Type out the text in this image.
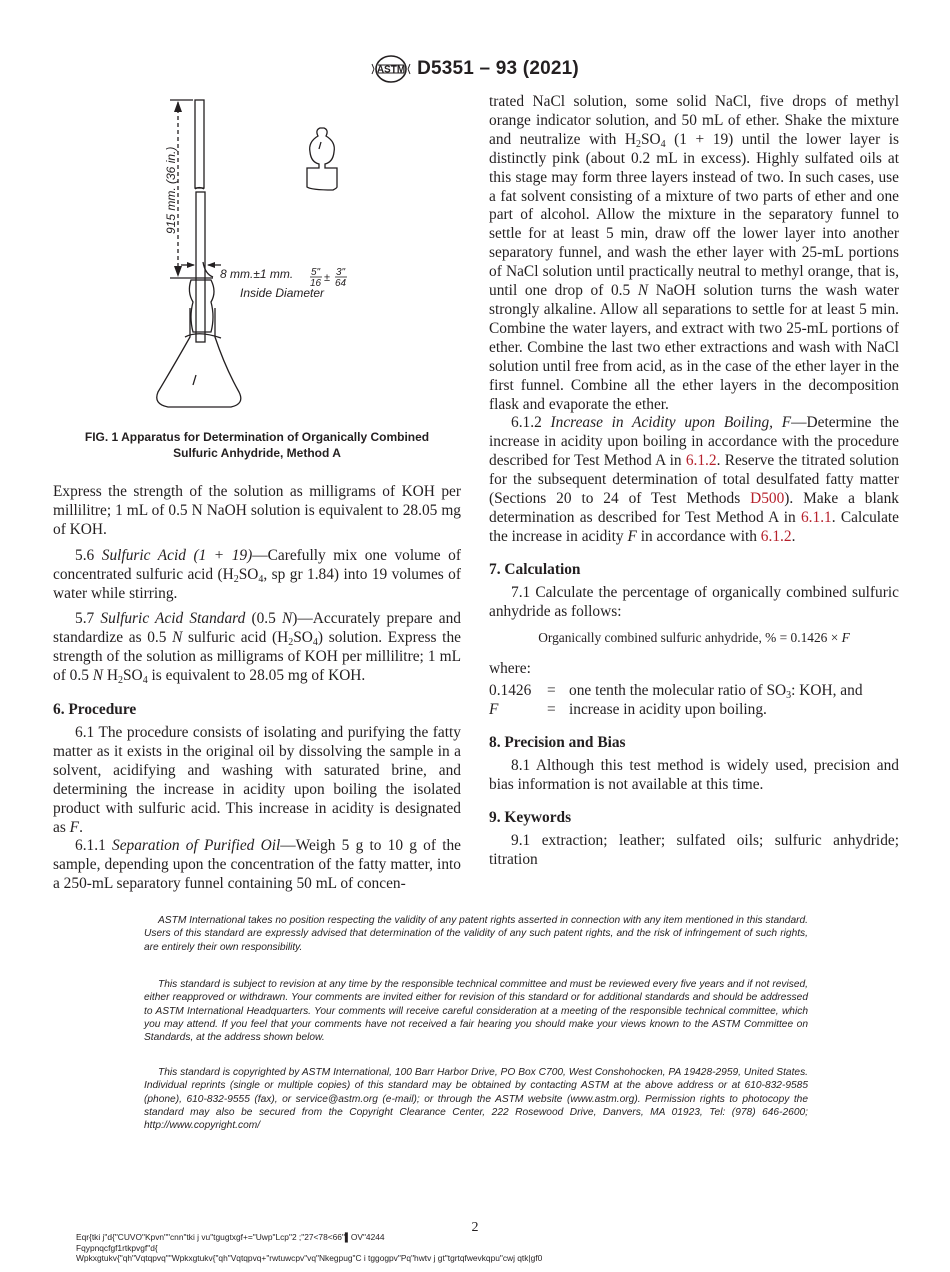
ASTM D5351 – 93 (2021)
915 mm. (36 in.)
8 mm.±1 mm. 5"
16 ± 3"
64
Inside Diameter
FIG. 1 Apparatus for Determination of Organically Combined
Sulfuric Anhydride, Method A

Express the strength of the solution as milligrams of KOH per millilitre; 1 mL of 0.5 N NaOH solution is equivalent to 28.05 mg of KOH.

5.6 Sulfuric Acid (1 + 19)—Carefully mix one volume of concentrated sulfuric acid ($H_2SO_4$, sp gr 1.84) into 19 volumes of water while stirring.

5.7 Sulfuric Acid Standard (0.5 N)—Accurately prepare and standardize as 0.5 N sulfuric acid $(H_2SO_4)$ solution. Express the strength of the solution as milligrams of KOH per millilitre; 1 mL of 0.5 N $H_2SO_4$ is equivalent to 28.05 mg of KOH.

6. Procedure

6.1 The procedure consists of isolating and purifying the fatty matter as it exists in the original oil by dissolving the sample in a solvent, acidifying and washing with saturated brine, and determining the increase in acidity upon boiling the isolated product with sulfuric acid. This increase in acidity is designated as F.

6.1.1 Separation of Purified Oil—Weigh 5 g to 10 g of the sample, depending upon the concentration of the fatty matter, into a 250-mL separatory funnel containing 50 mL of concen-

trated NaCl solution, some solid NaCl, five drops of methyl orange indicator solution, and 50 mL of ether. Shake the mixture and neutralize with $H_2SO_4$ (1 + 19) until the lower layer is distinctly pink (about 0.2 mL in excess). Highly sulfated oils at this stage may form three layers instead of two. In such cases, use a fat solvent consisting of a mixture of two parts of ether and one part of alcohol. Allow the mixture in the separatory funnel to settle for at least 5 min, draw off the lower layer into another separatory funnel, and wash the ether layer with 25-mL portions of NaCl solution until practically neutral to methyl orange, that is, until one drop of 0.5 N NaOH solution turns the wash water strongly alkaline. Allow all separations to settle for at least 5 min. Combine the water layers, and extract with two 25-mL portions of ether. Combine the last two ether extractions and wash with NaCl solution until free from acid, as in the case of the ether layer in the first funnel. Combine all the ether layers in the decomposition flask and evaporate the ether.

6.1.2 Increase in Acidity upon Boiling, F—Determine the increase in acidity upon boiling in accordance with the procedure described for Test Method A in 6.1.2. Reserve the titrated solution for the subsequent determination of total desulfated fatty matter (Sections 20 to 24 of Test Methods D500). Make a blank determination as described for Test Method A in 6.1.1. Calculate the increase in acidity F in accordance with 6.1.2.

7. Calculation

7.1 Calculate the percentage of organically combined sulfuric anhydride as follows:

Organically combined sulfuric anhydride, % = 0.1426 × F
where:
0.1426	= one tenth the molecular ratio of $SO_3$: KOH, and
F	= increase in acidity upon boiling.
8. Precision and Bias

8.1 Although this test method is widely used, precision and bias information is not available at this time.

9. Keywords

9.1 extraction; leather; sulfated oils; sulfuric anhydride; titration

ASTM International takes no position respecting the validity of any patent rights asserted in connection with any item mentioned in this standard. Users of this standard are expressly advised that determination of the validity of any such patent rights, and the risk of infringement of such rights, are entirely their own responsibility.

This standard is subject to revision at any time by the responsible technical committee and must be reviewed every five years and if not revised, either reapproved or withdrawn. Your comments are invited either for revision of this standard or for additional standards and should be addressed to ASTM International Headquarters. Your comments will receive careful consideration at a meeting of the responsible technical committee, which you may attend. If you feel that your comments have not received a fair hearing you should make your views known to the ASTM Committee on Standards, at the address shown below.

This standard is copyrighted by ASTM International, 100 Barr Harbor Drive, PO Box C700, West Conshohocken, PA 19428-2959, United States. Individual reprints (single or multiple copies) of this standard may be obtained by contacting ASTM at the above address or at 610-832-9585 (phone), 610-832-9555 (fax), or service@astm.org (e-mail); or through the ASTM website (www.astm.org). Permission rights to photocopy the standard may also be secured from the Copyright Clearance Center, 222 Rosewood Drive, Danvers, MA 01923, Tel: (978) 646-2600; http://www.copyright.com/

2
Eqr{tki j"d{"CUVO"Kpvn""cnn"tki j vu"tgugtxgf+="Uwp"Lcp"2 ;"27<78<66"▌OV"4244
Fqypnqcfgf1rtkpvgf"d{
Wpkxgtukv{"qh"Vqtqpvq""Wpkxgtukv{"qh"Vqtqpvq+"rwtuwcpv"vq"Nkegpug"C i tggogpv"Pq"hwtv j gt"tgrtqfwevkqpu"cwj qtk|gf0
